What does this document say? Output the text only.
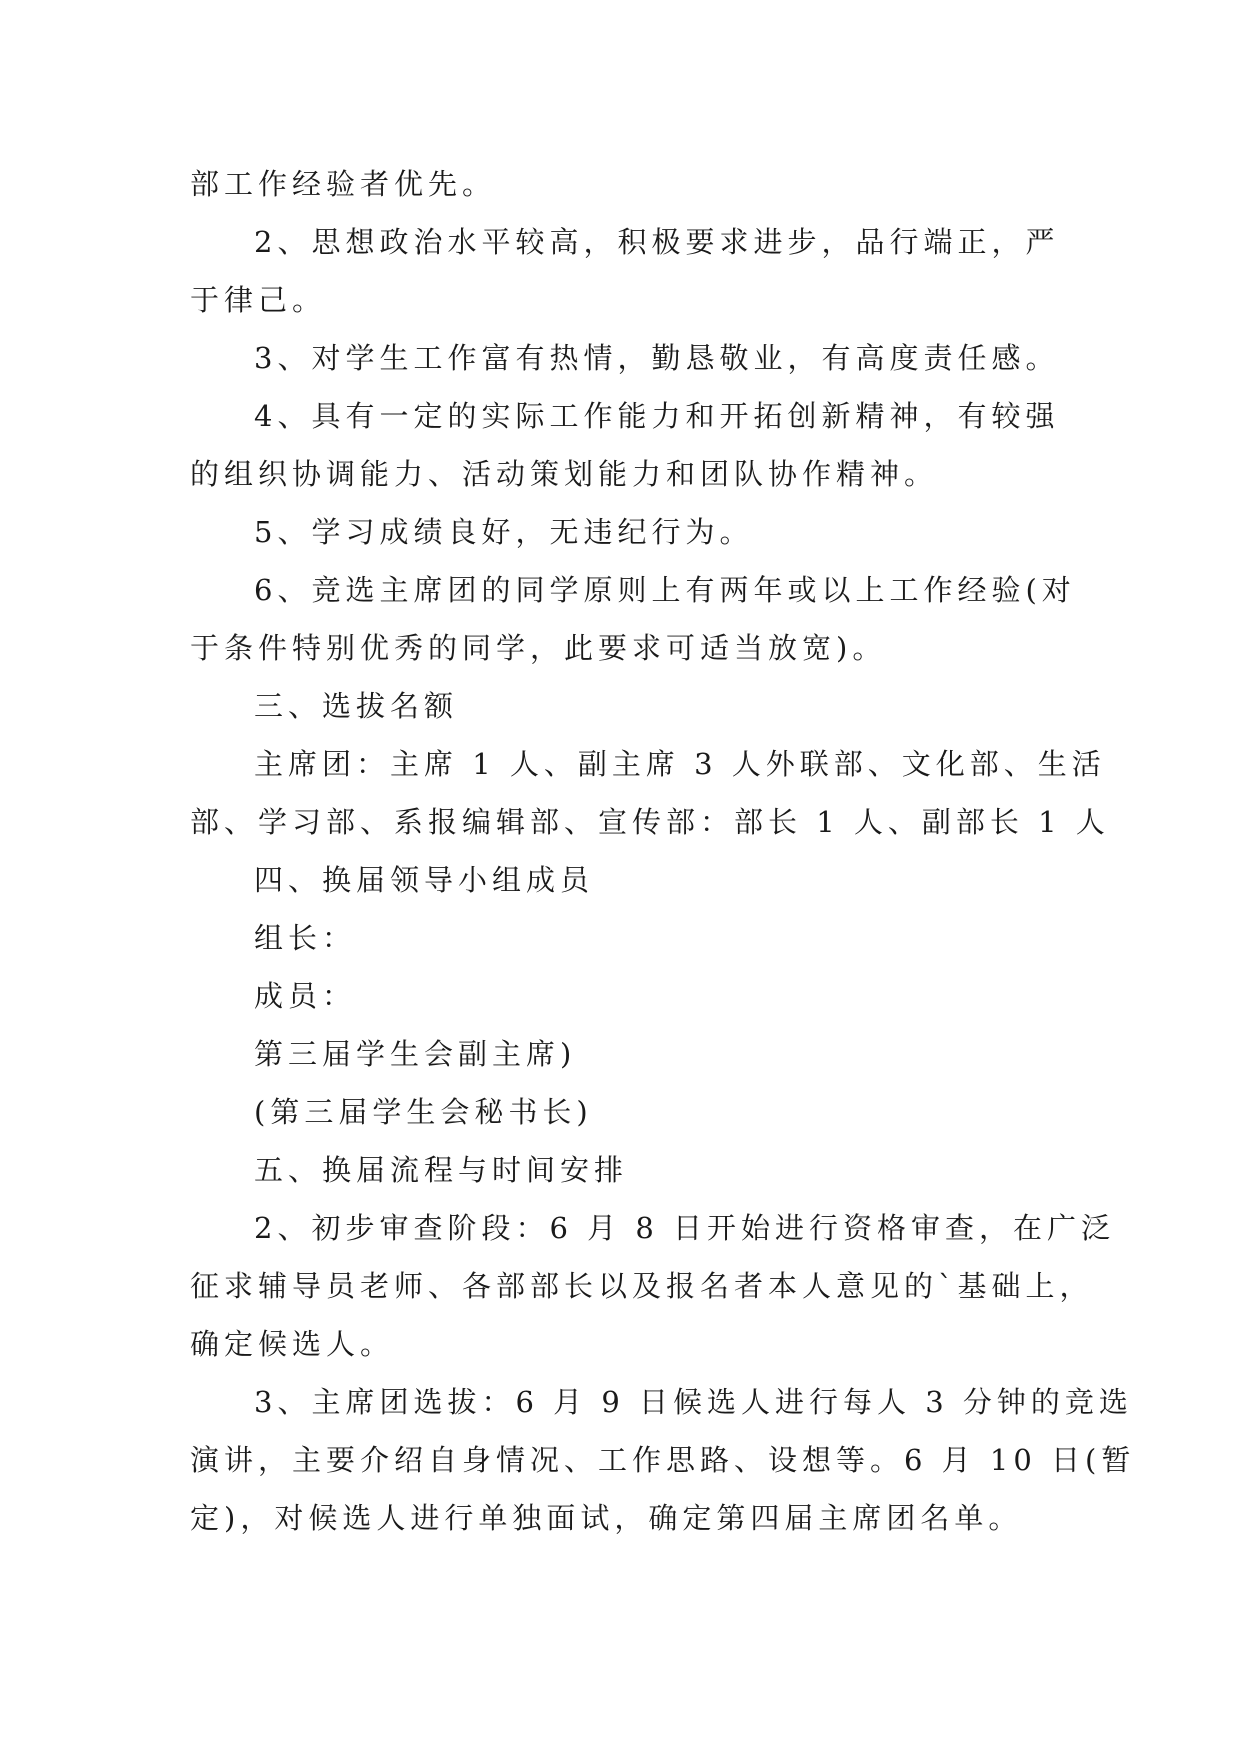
部工作经验者优先。

2、思想政治水平较高，积极要求进步，品行端正，严

于律己。

3、对学生工作富有热情，勤恳敬业，有高度责任感。

4、具有一定的实际工作能力和开拓创新精神，有较强

的组织协调能力、活动策划能力和团队协作精神。

5、学习成绩良好，无违纪行为。

6、竞选主席团的同学原则上有两年或以上工作经验(对

于条件特别优秀的同学，此要求可适当放宽)。

三、选拔名额

主席团：主席 1 人、副主席 3 人外联部、文化部、生活

部、学习部、系报编辑部、宣传部：部长 1 人、副部长 1 人

四、换届领导小组成员

组长：

成员：

第三届学生会副主席)

(第三届学生会秘书长)

五、换届流程与时间安排

2、初步审查阶段：6 月 8 日开始进行资格审查，在广泛

征求辅导员老师、各部部长以及报名者本人意见的`基础上，

确定候选人。

3、主席团选拔：6 月 9 日候选人进行每人 3 分钟的竞选

演讲，主要介绍自身情况、工作思路、设想等。6 月 10 日(暂

定)，对候选人进行单独面试，确定第四届主席团名单。
